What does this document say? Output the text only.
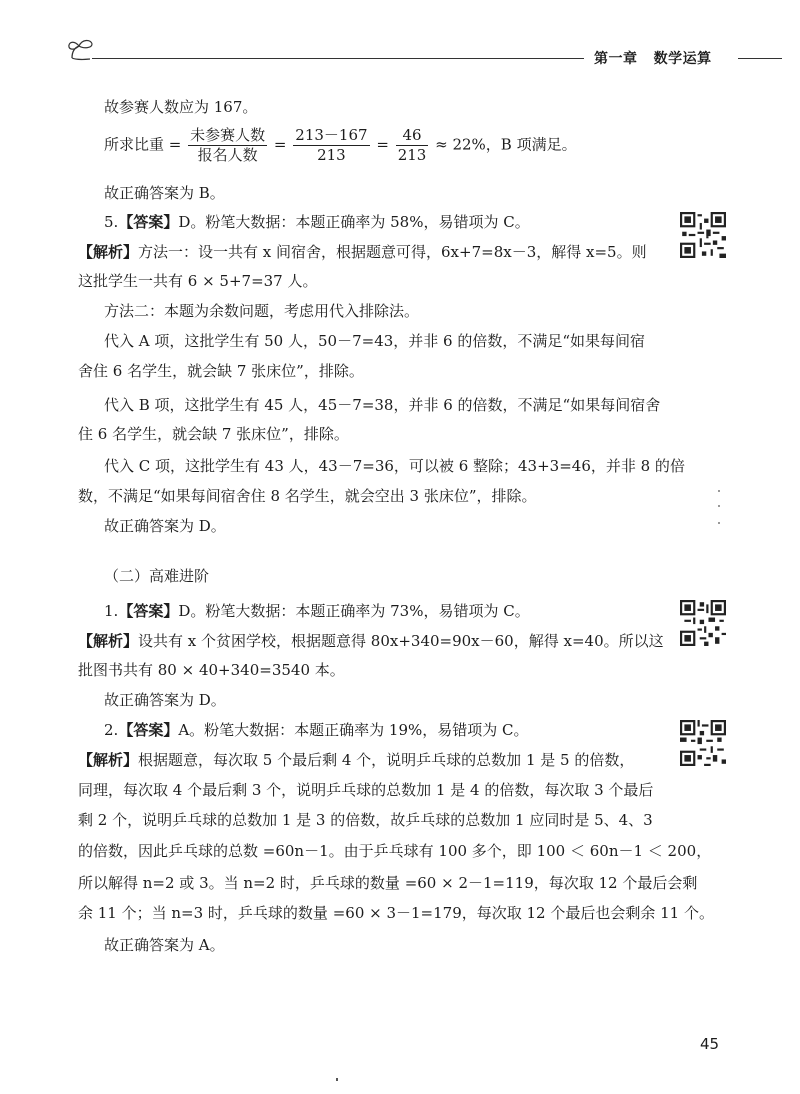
第一章 数学运算
故参赛人数应为 167。
所求比重 = $\frac{\text{未参赛人数}}{\text{报名人数}} = \frac{213-167}{213} = \frac{46}{213} \approx 22\%$，B 项满足。
故正确答案为 B。
5.【答案】D。粉笔大数据：本题正确率为 58%，易错项为 C。
【解析】方法一：设一共有 x 间宿舍，根据题意可得，6x+7=8x－3，解得 x=5。则
这批学生一共有 6 × 5+7=37 人。
方法二：本题为余数问题，考虑用代入排除法。
代入 A 项，这批学生有 50 人，50－7=43，并非 6 的倍数，不满足“如果每间宿
舍住 6 名学生，就会缺 7 张床位”，排除。
代入 B 项，这批学生有 45 人，45－7=38，并非 6 的倍数，不满足“如果每间宿舍
住 6 名学生，就会缺 7 张床位”，排除。
代入 C 项，这批学生有 43 人，43－7=36，可以被 6 整除；43+3=46，并非 8 的倍
数，不满足“如果每间宿舍住 8 名学生，就会空出 3 张床位”，排除。
故正确答案为 D。
（二）高难进阶
1.【答案】D。粉笔大数据：本题正确率为 73%，易错项为 C。
【解析】设共有 x 个贫困学校，根据题意得 80x+340=90x－60，解得 x=40。所以这
批图书共有 80 × 40+340=3540 本。
故正确答案为 D。
2.【答案】A。粉笔大数据：本题正确率为 19%，易错项为 C。
【解析】根据题意，每次取 5 个最后剩 4 个，说明乒乓球的总数加 1 是 5 的倍数，
同理，每次取 4 个最后剩 3 个，说明乒乓球的总数加 1 是 4 的倍数，每次取 3 个最后
剩 2 个，说明乒乓球的总数加 1 是 3 的倍数，故乒乓球的总数加 1 应同时是 5、4、3
的倍数，因此乒乓球的总数 =60n－1。由于乒乓球有 100 多个，即 100 ＜ 60n－1 ＜ 200，
所以解得 n=2 或 3。当 n=2 时，乒乓球的数量 =60 × 2－1=119，每次取 12 个最后会剩
余 11 个；当 n=3 时，乒乓球的数量 =60 × 3－1=179，每次取 12 个最后也会剩余 11 个。
故正确答案为 A。
45
